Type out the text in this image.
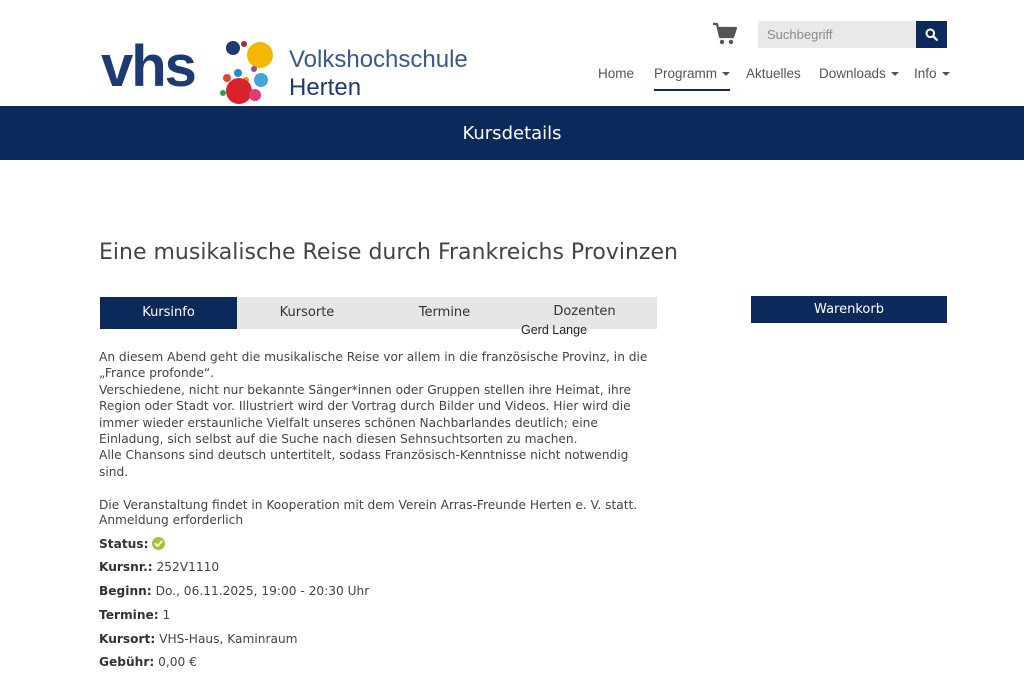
vhs	Volkshochschule
Herten
Suchbegriff
Home Programm	Aktuelles Downloads	Info
Kursdetails
Eine musikalische Reise durch Frankreichs Provinzen
Kursinfo	Kursorte	Termine	Dozenten
Gerd Lange
Warenkorb

An diesem Abend geht die musikalische Reise vor allem in die französische Provinz, in die „France profonde“.

Verschiedene, nicht nur bekannte Sänger*innen oder Gruppen stellen ihre Heimat, ihre Region oder Stadt vor. Illustriert wird der Vortrag durch Bilder und Videos. Hier wird die immer wieder erstaunliche Vielfalt unseres schönen Nachbarlandes deutlich; eine Einladung, sich selbst auf die Suche nach diesen Sehnsuchtsorten zu machen.

Alle Chansons sind deutsch untertitelt, sodass Französisch-Kenntnisse nicht notwendig sind.

Die Veranstaltung findet in Kooperation mit dem Verein Arras-Freunde Herten e. V. statt.

Anmeldung erforderlich
Status:
Kursnr.: 252V1110
Beginn: Do., 06.11.2025, 19:00 - 20:30 Uhr
Termine: 1
Kursort: VHS-Haus, Kaminraum
Gebühr: 0,00 €
